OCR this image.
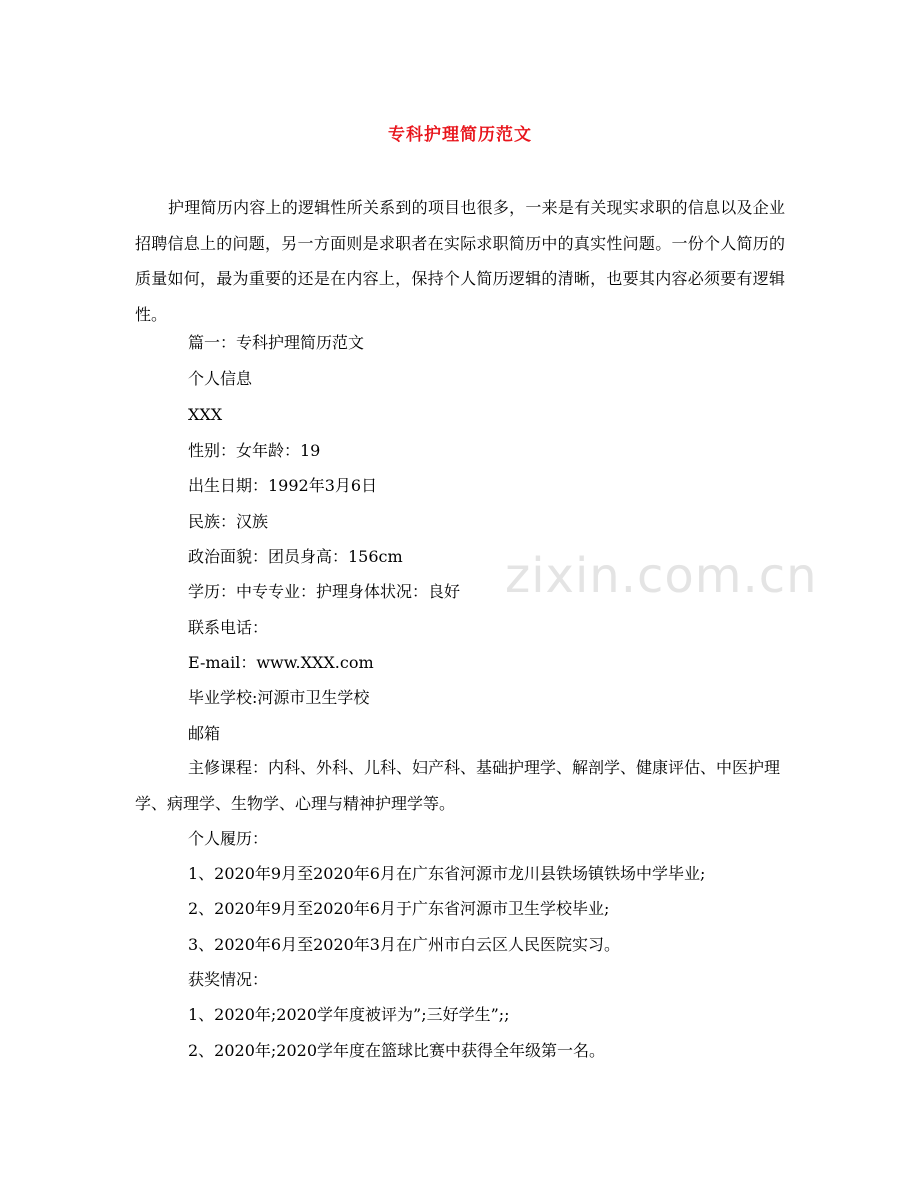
专科护理简历范文
护理简历内容上的逻辑性所关系到的项目也很多，一来是有关现实求职的信息以及企业招聘信息上的问题，另一方面则是求职者在实际求职简历中的真实性问题。一份个人简历的质量如何，最为重要的还是在内容上，保持个人简历逻辑的清晰，也要其内容必须要有逻辑性。
篇一：专科护理简历范文
个人信息
XXX
性别：女年龄：19
出生日期：1992年3月6日
民族：汉族
政治面貌：团员身高：156cm
学历：中专专业：护理身体状况：良好
联系电话：
E-mail：www.XXX.com
毕业学校:河源市卫生学校
邮箱
主修课程：内科、外科、儿科、妇产科、基础护理学、解剖学、健康评估、中医护理学、病理学、生物学、心理与精神护理学等。
个人履历：
1、2020年9月至2020年6月在广东省河源市龙川县铁场镇铁场中学毕业;
2、2020年9月至2020年6月于广东省河源市卫生学校毕业;
3、2020年6月至2020年3月在广州市白云区人民医院实习。
获奖情况：
1、2020年;2020学年度被评为”;三好学生”;;
2、2020年;2020学年度在篮球比赛中获得全年级第一名。
zixin.com.cn
